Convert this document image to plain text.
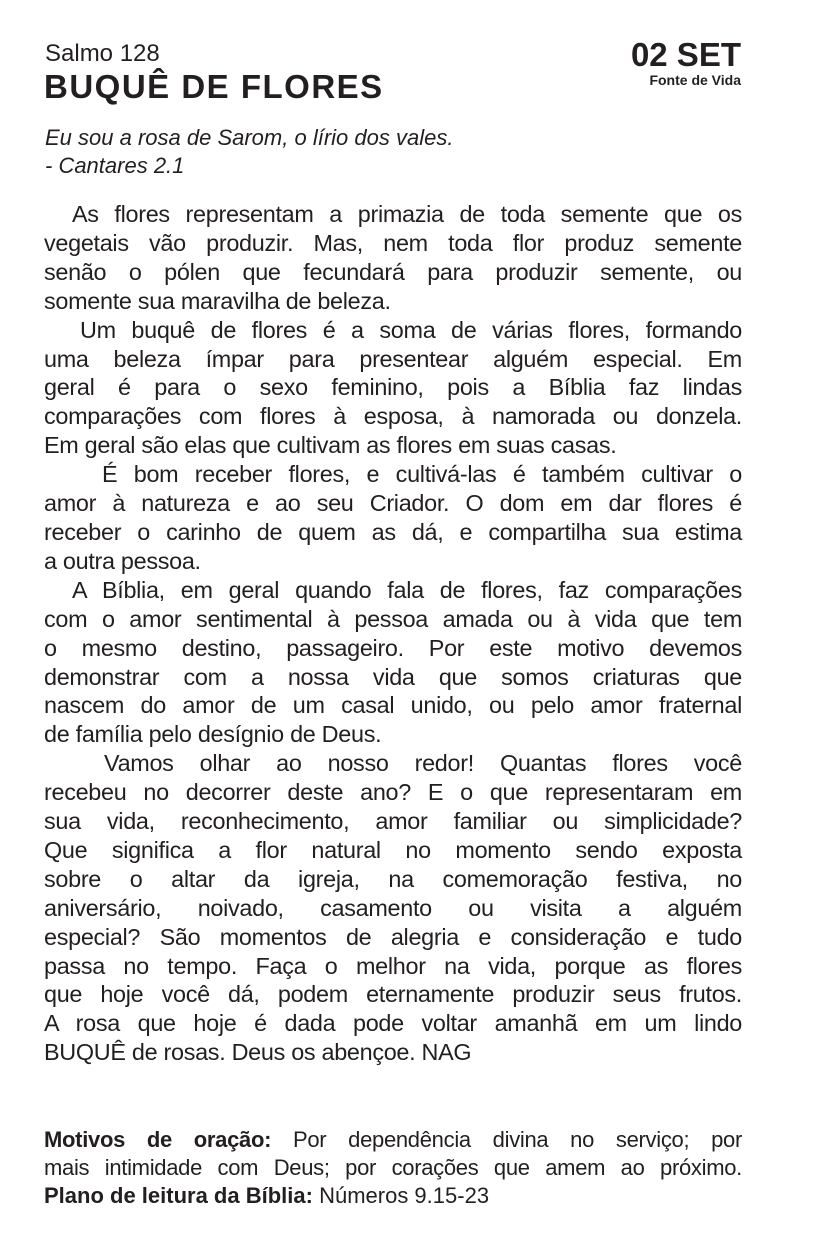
Salmo 128
BUQUÊ DE FLORES
02 SET
Fonte de Vida
Eu sou a rosa de Sarom, o lírio dos vales.
- Cantares 2.1
As flores representam a primazia de toda semente que os
vegetais vão produzir. Mas, nem toda flor produz semente
senão o pólen que fecundará para produzir semente, ou
somente sua maravilha de beleza.
Um buquê de flores é a soma de várias flores, formando
uma beleza ímpar para presentear alguém especial. Em
geral é para o sexo feminino, pois a Bíblia faz lindas
comparações com flores à esposa, à namorada ou donzela.
Em geral são elas que cultivam as flores em suas casas.
É bom receber flores, e cultivá-las é também cultivar o
amor à natureza e ao seu Criador. O dom em dar flores é
receber o carinho de quem as dá, e compartilha sua estima
a outra pessoa.
A Bíblia, em geral quando fala de flores, faz comparações
com o amor sentimental à pessoa amada ou à vida que tem
o mesmo destino, passageiro. Por este motivo devemos
demonstrar com a nossa vida que somos criaturas que
nascem do amor de um casal unido, ou pelo amor fraternal
de família pelo desígnio de Deus.
Vamos olhar ao nosso redor! Quantas flores você
recebeu no decorrer deste ano? E o que representaram em
sua vida, reconhecimento, amor familiar ou simplicidade?
Que significa a flor natural no momento sendo exposta
sobre o altar da igreja, na comemoração festiva, no
aniversário, noivado, casamento ou visita a alguém
especial? São momentos de alegria e consideração e tudo
passa no tempo. Faça o melhor na vida, porque as flores
que hoje você dá, podem eternamente produzir seus frutos.
A rosa que hoje é dada pode voltar amanhã em um lindo
BUQUÊ de rosas. Deus os abençoe. NAG
Motivos de oração: Por dependência divina no serviço; por
mais intimidade com Deus; por corações que amem ao próximo.
Plano de leitura da Bíblia: Números 9.15-23
